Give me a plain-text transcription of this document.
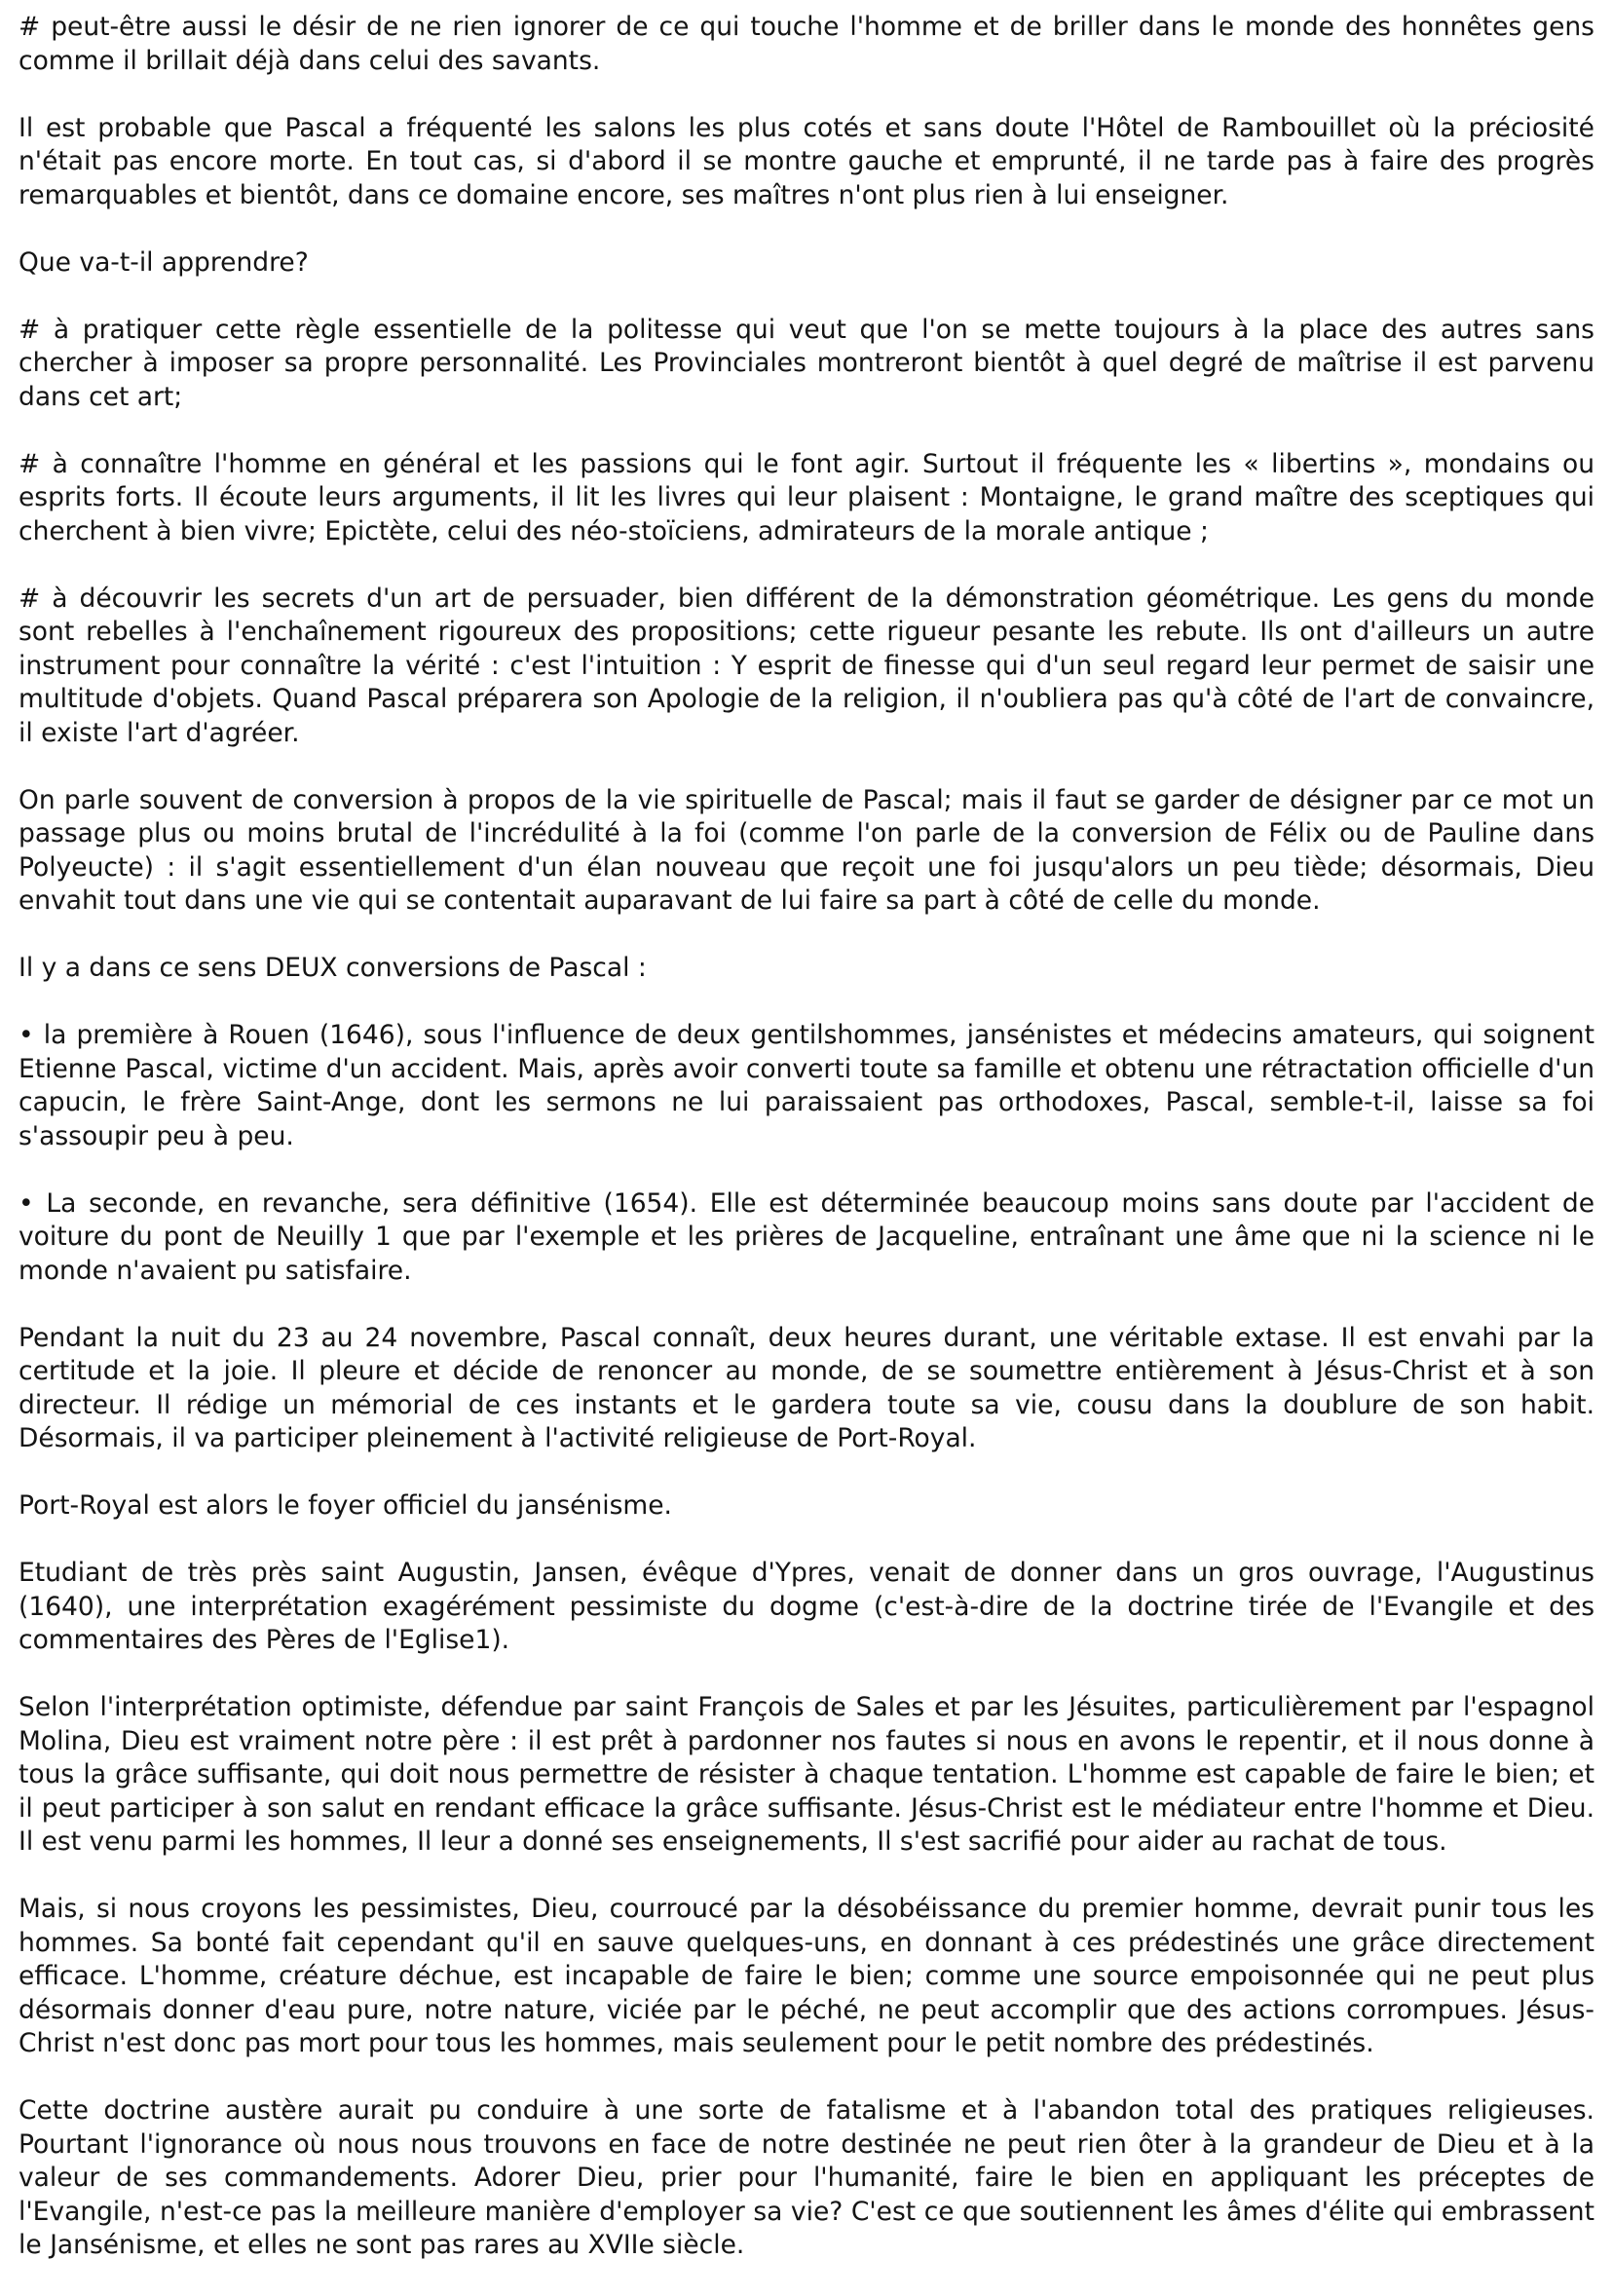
# peut-être aussi le désir de ne rien ignorer de ce qui touche l'homme et de briller dans le monde des honnêtes gens comme il brillait déjà dans celui des savants.

Il est probable que Pascal a fréquenté les salons les plus cotés et sans doute l'Hôtel de Rambouillet où la préciosité n'était pas encore morte. En tout cas, si d'abord il se montre gauche et emprunté, il ne tarde pas à faire des progrès remarquables et bientôt, dans ce domaine encore, ses maîtres n'ont plus rien à lui enseigner.

Que va-t-il apprendre?

# à pratiquer cette règle essentielle de la politesse qui veut que l'on se mette toujours à la place des autres sans chercher à imposer sa propre personnalité. Les Provinciales montreront bientôt à quel degré de maîtrise il est parvenu dans cet art;

# à connaître l'homme en général et les passions qui le font agir. Surtout il fréquente les « libertins », mondains ou esprits forts. Il écoute leurs arguments, il lit les livres qui leur plaisent : Montaigne, le grand maître des sceptiques qui cherchent à bien vivre; Epictète, celui des néo-stoïciens, admirateurs de la morale antique ;

# à découvrir les secrets d'un art de persuader, bien différent de la démonstration géométrique. Les gens du monde sont rebelles à l'enchaînement rigoureux des propositions; cette rigueur pesante les rebute. Ils ont d'ailleurs un autre instrument pour connaître la vérité : c'est l'intuition : Y esprit de finesse qui d'un seul regard leur permet de saisir une multitude d'objets. Quand Pascal préparera son Apologie de la religion, il n'oubliera pas qu'à côté de l'art de convaincre, il existe l'art d'agréer.

On parle souvent de conversion à propos de la vie spirituelle de Pascal; mais il faut se garder de désigner par ce mot un passage plus ou moins brutal de l'incrédulité à la foi (comme l'on parle de la conversion de Félix ou de Pauline dans Polyeucte) : il s'agit essentiellement d'un élan nouveau que reçoit une foi jusqu'alors un peu tiède; désormais, Dieu envahit tout dans une vie qui se contentait auparavant de lui faire sa part à côté de celle du monde.

Il y a dans ce sens DEUX conversions de Pascal :

• la première à Rouen (1646), sous l'influence de deux gentilshommes, jansénistes et médecins amateurs, qui soignent Etienne Pascal, victime d'un accident. Mais, après avoir converti toute sa famille et obtenu une rétractation officielle d'un capucin, le frère Saint-Ange, dont les sermons ne lui paraissaient pas orthodoxes, Pascal, semble-t-il, laisse sa foi s'assoupir peu à peu.

• La seconde, en revanche, sera définitive (1654). Elle est déterminée beaucoup moins sans doute par l'accident de voiture du pont de Neuilly 1 que par l'exemple et les prières de Jacqueline, entraînant une âme que ni la science ni le monde n'avaient pu satisfaire.

Pendant la nuit du 23 au 24 novembre, Pascal connaît, deux heures durant, une véritable extase. Il est envahi par la certitude et la joie. Il pleure et décide de renoncer au monde, de se soumettre entièrement à Jésus-Christ et à son directeur. Il rédige un mémorial de ces instants et le gardera toute sa vie, cousu dans la doublure de son habit. Désormais, il va participer pleinement à l'activité religieuse de Port-Royal.

Port-Royal est alors le foyer officiel du jansénisme.

Etudiant de très près saint Augustin, Jansen, évêque d'Ypres, venait de donner dans un gros ouvrage, l'Augustinus (1640), une interprétation exagérément pessimiste du dogme (c'est-à-dire de la doctrine tirée de l'Evangile et des commentaires des Pères de l'Eglise1).

Selon l'interprétation optimiste, défendue par saint François de Sales et par les Jésuites, particulièrement par l'espagnol Molina, Dieu est vraiment notre père : il est prêt à pardonner nos fautes si nous en avons le repentir, et il nous donne à tous la grâce suffisante, qui doit nous permettre de résister à chaque tentation. L'homme est capable de faire le bien; et il peut participer à son salut en rendant efficace la grâce suffisante. Jésus-Christ est le médiateur entre l'homme et Dieu. Il est venu parmi les hommes, Il leur a donné ses enseignements, Il s'est sacrifié pour aider au rachat de tous.

Mais, si nous croyons les pessimistes, Dieu, courroucé par la désobéissance du premier homme, devrait punir tous les hommes. Sa bonté fait cependant qu'il en sauve quelques-uns, en donnant à ces prédestinés une grâce directement efficace. L'homme, créature déchue, est incapable de faire le bien; comme une source empoisonnée qui ne peut plus désormais donner d'eau pure, notre nature, viciée par le péché, ne peut accomplir que des actions corrompues. Jésus-Christ n'est donc pas mort pour tous les hommes, mais seulement pour le petit nombre des prédestinés.

Cette doctrine austère aurait pu conduire à une sorte de fatalisme et à l'abandon total des pratiques religieuses. Pourtant l'ignorance où nous nous trouvons en face de notre destinée ne peut rien ôter à la grandeur de Dieu et à la valeur de ses commandements. Adorer Dieu, prier pour l'humanité, faire le bien en appliquant les préceptes de l'Evangile, n'est-ce pas la meilleure manière d'employer sa vie? C'est ce que soutiennent les âmes d'élite qui embrassent le Jansénisme, et elles ne sont pas rares au XVIIe siècle.
